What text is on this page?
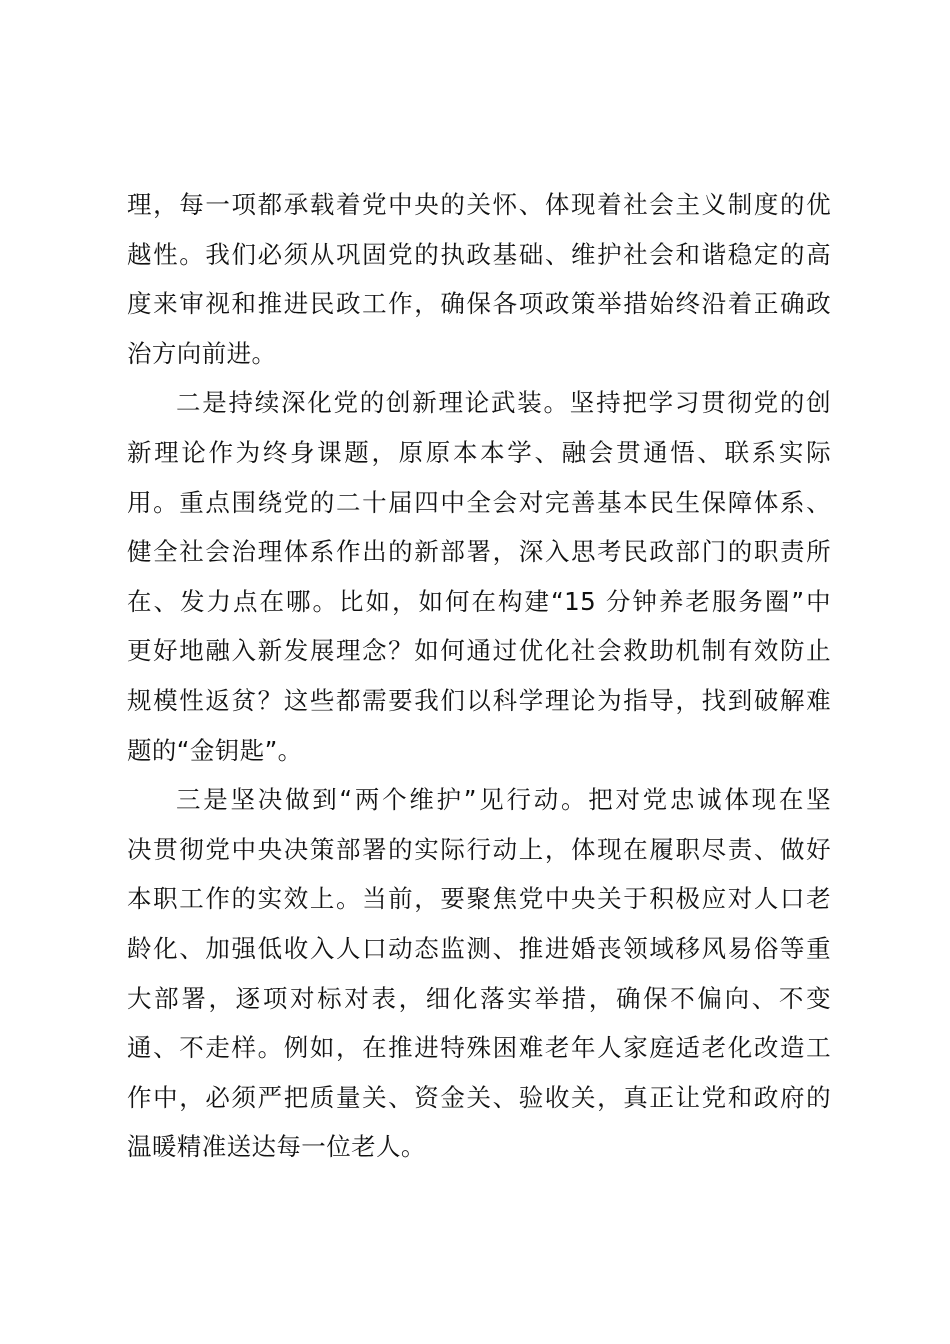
理，每一项都承载着党中央的关怀、体现着社会主义制度的优
越性。我们必须从巩固党的执政基础、维护社会和谐稳定的高
度来审视和推进民政工作，确保各项政策举措始终沿着正确政
治方向前进。
二是持续深化党的创新理论武装。坚持把学习贯彻党的创
新理论作为终身课题，原原本本学、融会贯通悟、联系实际
用。重点围绕党的二十届四中全会对完善基本民生保障体系、
健全社会治理体系作出的新部署，深入思考民政部门的职责所
在、发力点在哪。比如，如何在构建“15 分钟养老服务圈”中
更好地融入新发展理念？如何通过优化社会救助机制有效防止
规模性返贫？这些都需要我们以科学理论为指导，找到破解难
题的“金钥匙”。
三是坚决做到“两个维护”见行动。把对党忠诚体现在坚
决贯彻党中央决策部署的实际行动上，体现在履职尽责、做好
本职工作的实效上。当前，要聚焦党中央关于积极应对人口老
龄化、加强低收入人口动态监测、推进婚丧领域移风易俗等重
大部署，逐项对标对表，细化落实举措，确保不偏向、不变
通、不走样。例如，在推进特殊困难老年人家庭适老化改造工
作中，必须严把质量关、资金关、验收关，真正让党和政府的
温暖精准送达每一位老人。
